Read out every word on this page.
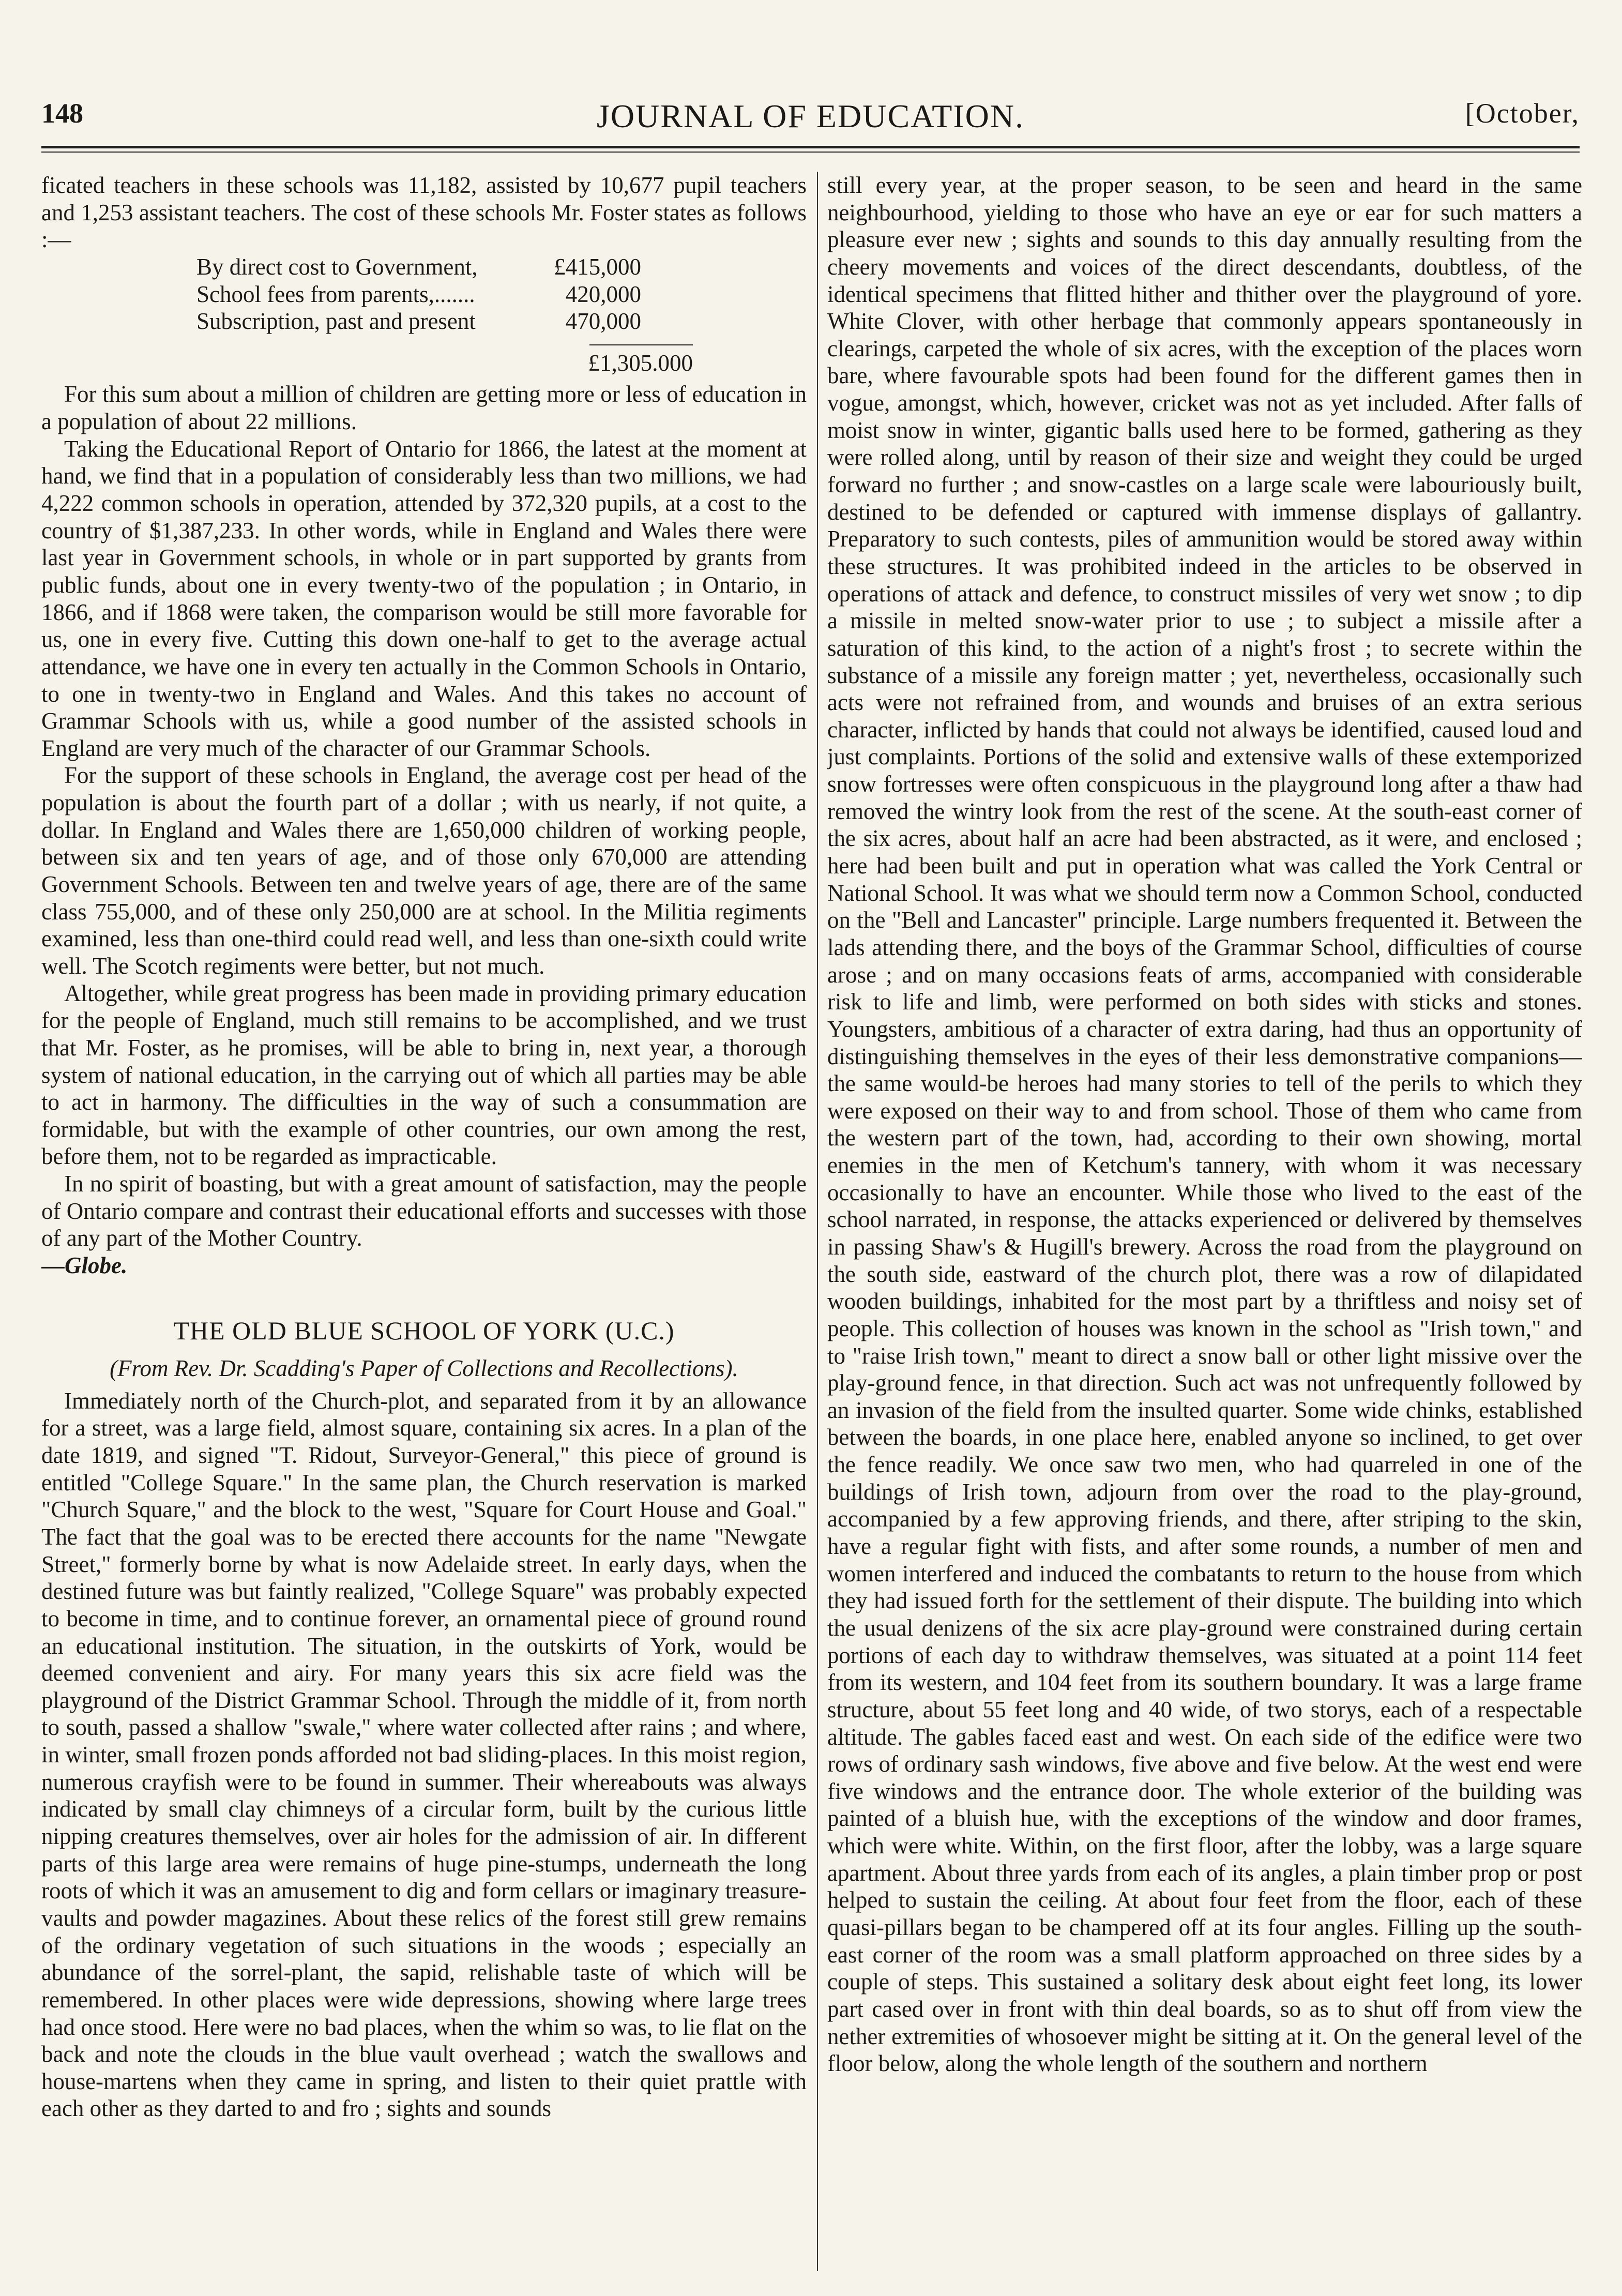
148	JOURNAL OF EDUCATION.	[October,

ficated teachers in these schools was 11,182, assisted by 10,677 pupil teachers and 1,253 assistant teachers. The cost of these schools Mr. Foster states as follows :—

By direct cost to Government,	£415,000
School fees from parents,.......	420,000
Subscription, past and present	470,000
£1,305.000

For this sum about a million of children are getting more or less of education in a population of about 22 millions.

Taking the Educational Report of Ontario for 1866, the latest at the moment at hand, we find that in a population of considerably less than two millions, we had 4,222 common schools in operation, attended by 372,320 pupils, at a cost to the country of $1,387,233. In other words, while in England and Wales there were last year in Government schools, in whole or in part supported by grants from public funds, about one in every twenty-two of the population ; in Ontario, in 1866, and if 1868 were taken, the comparison would be still more favorable for us, one in every five. Cutting this down one-half to get to the average actual attendance, we have one in every ten actually in the Common Schools in Ontario, to one in twenty-two in England and Wales. And this takes no account of Grammar Schools with us, while a good number of the assisted schools in England are very much of the character of our Grammar Schools.

For the support of these schools in England, the average cost per head of the population is about the fourth part of a dollar ; with us nearly, if not quite, a dollar. In England and Wales there are 1,650,000 children of working people, between six and ten years of age, and of those only 670,000 are attending Government Schools. Between ten and twelve years of age, there are of the same class 755,000, and of these only 250,000 are at school. In the Militia regiments examined, less than one-third could read well, and less than one-sixth could write well. The Scotch regiments were better, but not much.

Altogether, while great progress has been made in providing primary education for the people of England, much still remains to be accomplished, and we trust that Mr. Foster, as he promises, will be able to bring in, next year, a thorough system of national education, in the carrying out of which all parties may be able to act in harmony. The difficulties in the way of such a consummation are formidable, but with the example of other countries, our own among the rest, before them, not to be regarded as impracticable.

In no spirit of boasting, but with a great amount of satisfaction, may the people of Ontario compare and contrast their educational efforts and successes with those of any part of the Mother Country.

—Globe.

THE OLD BLUE SCHOOL OF YORK (U.C.)
(From Rev. Dr. Scadding's Paper of Collections and Recollections).

Immediately north of the Church-plot, and separated from it by an allowance for a street, was a large field, almost square, containing six acres. In a plan of the date 1819, and signed "T. Ridout, Surveyor-General," this piece of ground is entitled "College Square." In the same plan, the Church reservation is marked "Church Square," and the block to the west, "Square for Court House and Goal." The fact that the goal was to be erected there accounts for the name "Newgate Street," formerly borne by what is now Adelaide street. In early days, when the destined future was but faintly realized, "College Square" was probably expected to become in time, and to continue forever, an ornamental piece of ground round an educational institution. The situation, in the outskirts of York, would be deemed convenient and airy. For many years this six acre field was the playground of the District Grammar School. Through the middle of it, from north to south, passed a shallow "swale," where water collected after rains ; and where, in winter, small frozen ponds afforded not bad sliding-places. In this moist region, numerous crayfish were to be found in summer. Their whereabouts was always indicated by small clay chimneys of a circular form, built by the curious little nipping creatures themselves, over air holes for the admission of air. In different parts of this large area were remains of huge pine-stumps, underneath the long roots of which it was an amusement to dig and form cellars or imaginary treasure-vaults and powder magazines. About these relics of the forest still grew remains of the ordinary vegetation of such situations in the woods ; especially an abundance of the sorrel-plant, the sapid, relishable taste of which will be remembered. In other places were wide depressions, showing where large trees had once stood. Here were no bad places, when the whim so was, to lie flat on the back and note the clouds in the blue vault overhead ; watch the swallows and house-martens when they came in spring, and listen to their quiet prattle with each other as they darted to and fro ; sights and sounds

still every year, at the proper season, to be seen and heard in the same neighbourhood, yielding to those who have an eye or ear for such matters a pleasure ever new ; sights and sounds to this day annually resulting from the cheery movements and voices of the direct descendants, doubtless, of the identical specimens that flitted hither and thither over the playground of yore. White Clover, with other herbage that commonly appears spontaneously in clearings, carpeted the whole of six acres, with the exception of the places worn bare, where favourable spots had been found for the different games then in vogue, amongst, which, however, cricket was not as yet included. After falls of moist snow in winter, gigantic balls used here to be formed, gathering as they were rolled along, until by reason of their size and weight they could be urged forward no further ; and snow-castles on a large scale were labouriously built, destined to be defended or captured with immense displays of gallantry. Preparatory to such contests, piles of ammunition would be stored away within these structures. It was prohibited indeed in the articles to be observed in operations of attack and defence, to construct missiles of very wet snow ; to dip a missile in melted snow-water prior to use ; to subject a missile after a saturation of this kind, to the action of a night's frost ; to secrete within the substance of a missile any foreign matter ; yet, nevertheless, occasionally such acts were not refrained from, and wounds and bruises of an extra serious character, inflicted by hands that could not always be identified, caused loud and just complaints. Portions of the solid and extensive walls of these extemporized snow fortresses were often conspicuous in the playground long after a thaw had removed the wintry look from the rest of the scene. At the south-east corner of the six acres, about half an acre had been abstracted, as it were, and enclosed ; here had been built and put in operation what was called the York Central or National School. It was what we should term now a Common School, conducted on the "Bell and Lancaster" principle. Large numbers frequented it. Between the lads attending there, and the boys of the Grammar School, difficulties of course arose ; and on many occasions feats of arms, accompanied with considerable risk to life and limb, were performed on both sides with sticks and stones. Youngsters, ambitious of a character of extra daring, had thus an opportunity of distinguishing themselves in the eyes of their less demonstrative companions—the same would-be heroes had many stories to tell of the perils to which they were exposed on their way to and from school. Those of them who came from the western part of the town, had, according to their own showing, mortal enemies in the men of Ketchum's tannery, with whom it was necessary occasionally to have an encounter. While those who lived to the east of the school narrated, in response, the attacks experienced or delivered by themselves in passing Shaw's & Hugill's brewery. Across the road from the playground on the south side, eastward of the church plot, there was a row of dilapidated wooden buildings, inhabited for the most part by a thriftless and noisy set of people. This collection of houses was known in the school as "Irish town," and to "raise Irish town," meant to direct a snow ball or other light missive over the play-ground fence, in that direction. Such act was not unfrequently followed by an invasion of the field from the insulted quarter. Some wide chinks, established between the boards, in one place here, enabled anyone so inclined, to get over the fence readily. We once saw two men, who had quarreled in one of the buildings of Irish town, adjourn from over the road to the play-ground, accompanied by a few approving friends, and there, after striping to the skin, have a regular fight with fists, and after some rounds, a number of men and women interfered and induced the combatants to return to the house from which they had issued forth for the settlement of their dispute. The building into which the usual denizens of the six acre play-ground were constrained during certain portions of each day to withdraw themselves, was situated at a point 114 feet from its western, and 104 feet from its southern boundary. It was a large frame structure, about 55 feet long and 40 wide, of two storys, each of a respectable altitude. The gables faced east and west. On each side of the edifice were two rows of ordinary sash windows, five above and five below. At the west end were five windows and the entrance door. The whole exterior of the building was painted of a bluish hue, with the exceptions of the window and door frames, which were white. Within, on the first floor, after the lobby, was a large square apartment. About three yards from each of its angles, a plain timber prop or post helped to sustain the ceiling. At about four feet from the floor, each of these quasi-pillars began to be champered off at its four angles. Filling up the south-east corner of the room was a small platform approached on three sides by a couple of steps. This sustained a solitary desk about eight feet long, its lower part cased over in front with thin deal boards, so as to shut off from view the nether extremities of whosoever might be sitting at it. On the general level of the floor below, along the whole length of the southern and northern
